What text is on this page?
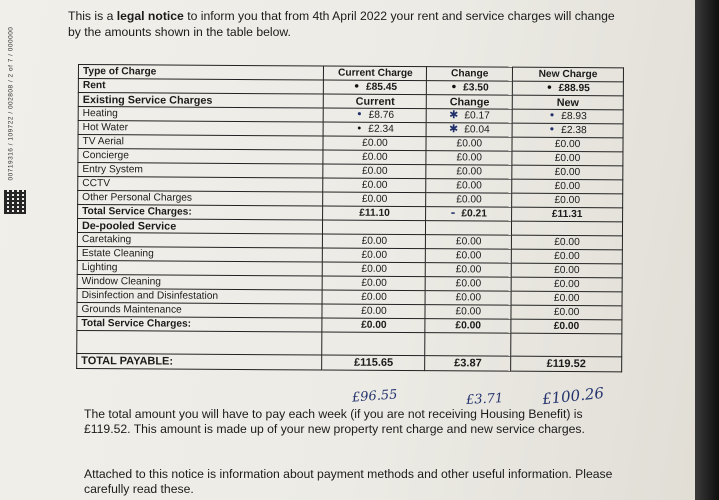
00719316 / 109722 / 002808 / 2 of 7 / 000000
This is a legal notice to inform you that from 4th April 2022 your rent and service charges will change by the amounts shown in the table below.
Type of Charge	Current Charge	Change	New Charge
Rent	• £85.45	• £3.50	• £88.95
Existing Service Charges	Current	Change	New
Heating	• £8.76	✱ £0.17	• £8.93
Hot Water	• £2.34	✱ £0.04	• £2.38
TV Aerial	£0.00	£0.00	£0.00
Concierge	£0.00	£0.00	£0.00
Entry System	£0.00	£0.00	£0.00
CCTV	£0.00	£0.00	£0.00
Other Personal Charges	£0.00	£0.00	£0.00
Total Service Charges:	£11.10	- £0.21	£11.31
De-pooled Service			
Caretaking	£0.00	£0.00	£0.00
Estate Cleaning	£0.00	£0.00	£0.00
Lighting	£0.00	£0.00	£0.00
Window Cleaning	£0.00	£0.00	£0.00
Disinfection and Disinfestation	£0.00	£0.00	£0.00
Grounds Maintenance	£0.00	£0.00	£0.00
Total Service Charges:	£0.00	£0.00	£0.00

TOTAL PAYABLE:	£115.65	£3.87	£119.52
£96.55	£3.71	£100.26
The total amount you will have to pay each week (if you are not receiving Housing Benefit) is £119.52. This amount is made up of your new property rent charge and new service charges.
Attached to this notice is information about payment methods and other useful information. Please carefully read these.
